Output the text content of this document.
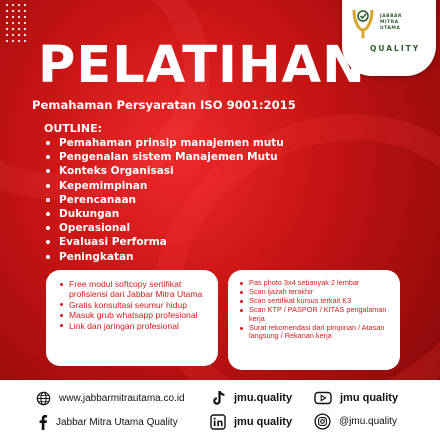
JABBAR
MITRA
UTAMA
QUALITY
PELATIHAN
Pemahaman Persyaratan ISO 9001:2015
OUTLINE:
Pemahaman prinsip manajemen mutu
Pengenalan sistem Manajemen Mutu
Konteks Organisasi
Kepemimpinan
Perencanaan
Dukungan
Operasional
Evaluasi Performa
Peningkatan
Free modul softcopy sertifikat profisiensi dari Jabbar Mitra Utama
Gratis konsultasi seumur hidup
Masuk grub whatsapp profesional
Link dan jaringan profesional
Pas photo 3x4 sebanyak 2 lembar
Scan ijazah terakhir
Scan sertifikat kursus terkait K3
Scan KTP / PASPOR / KITAS pengalaman kerja
Surat rekomendasi dari pimpinan / Atasan langsung / Rekanan kerja
www.jabbarmitrautama.co.id	jmu.quality	jmu quality
Jabbar Mitra Utama Quality	jmu quality	@jmu.quality
